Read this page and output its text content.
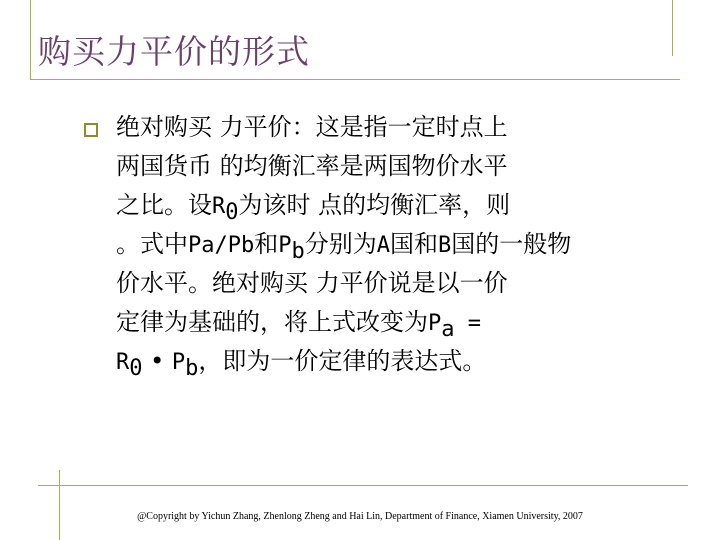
购买力平价的形式
绝对购买 力平价：这是指一定时点上
两国货币 的均衡汇率是两国物价水平
之比。设$R_0$为该时 点的均衡汇率，则
。式中Pa/Pb和$P_b$分别为A国和B国的一般物
价水平。绝对购买 力平价说是以一价
定律为基础的，将上式改变为$P_a$ =
$R_0$ • $P_b$，即为一价定律的表达式。
@Copyright by Yichun Zhang, Zhenlong Zheng and Hai Lin, Department of Finance, Xiamen University, 2007
